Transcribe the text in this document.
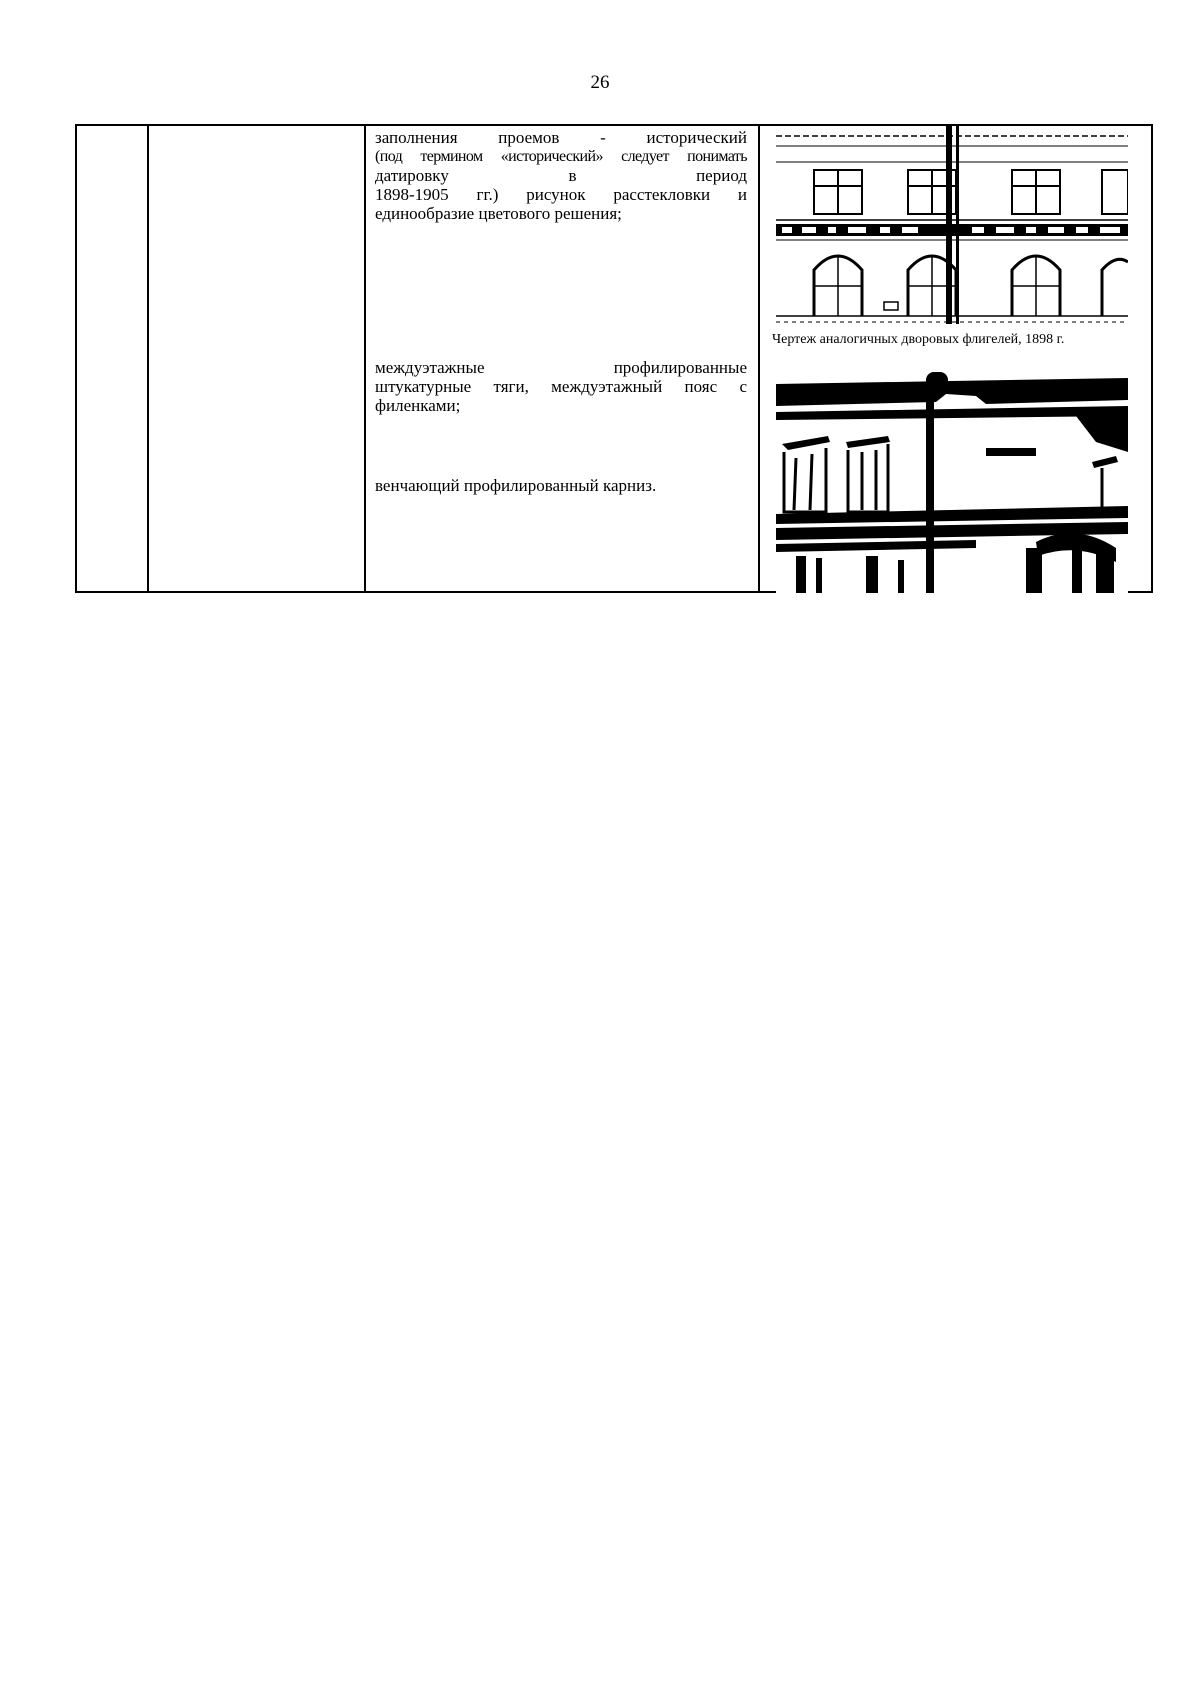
26

заполнения проемов - исторический
(под термином «исторический» следует понимать
датировку в период
1898-1905 гг.) рисунок расстекловки и
единообразие цветового решения;
междуэтажные профилированные
штукатурные тяги, междуэтажный пояс с
филенками;
венчающий профилированный карниз.

Чертеж аналогичных дворовых флигелей, 1898 г.
